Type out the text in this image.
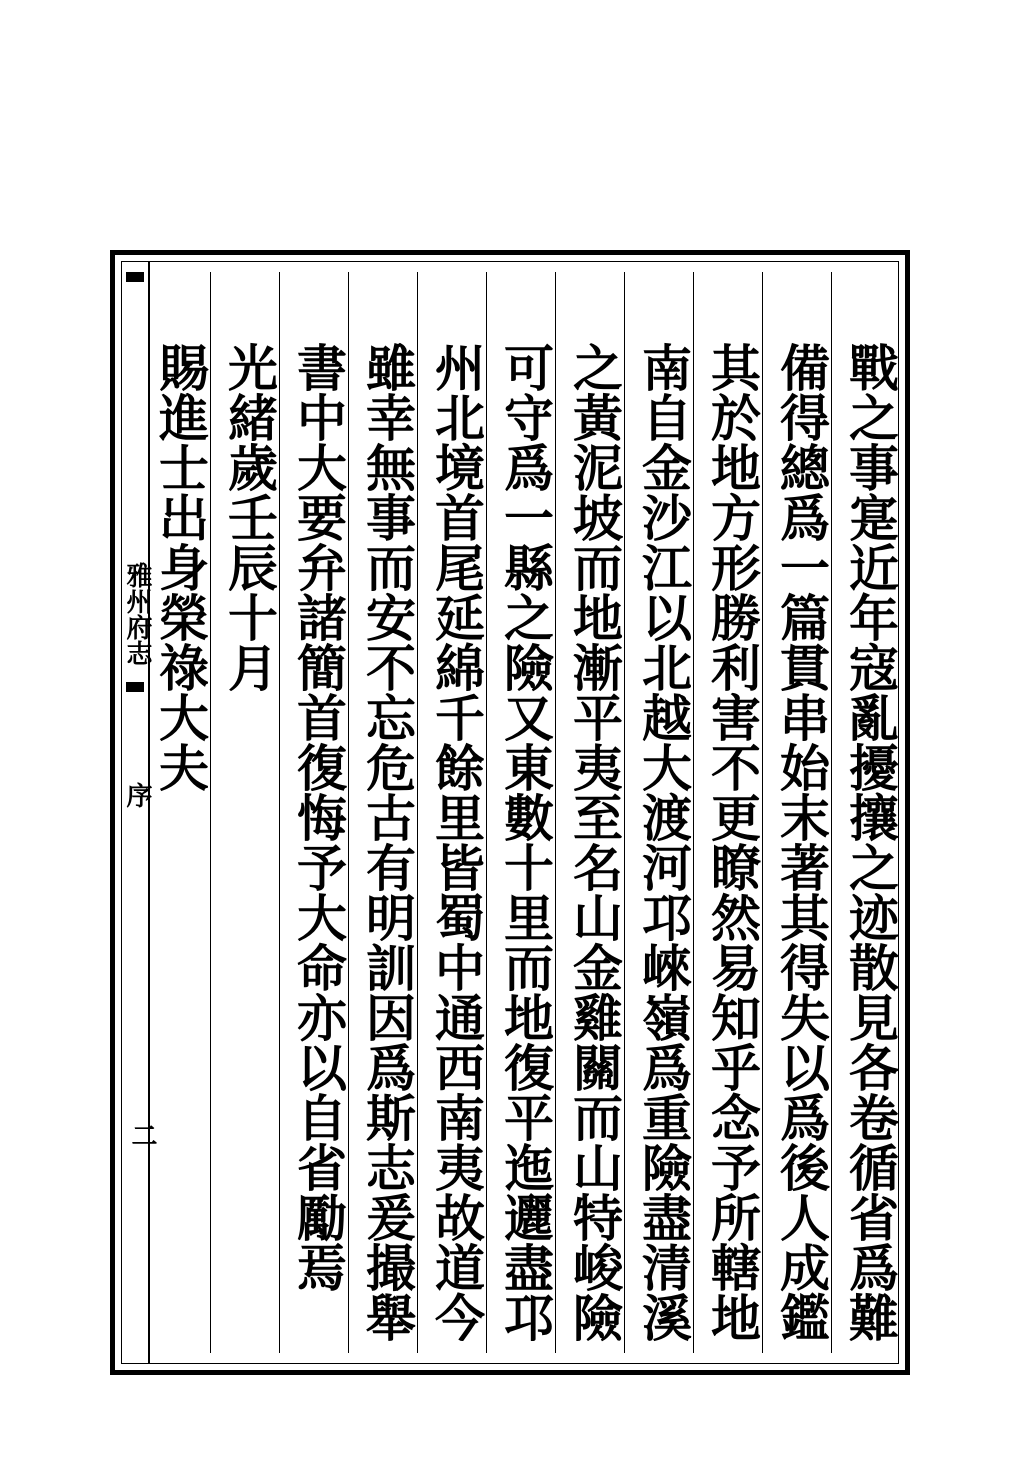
雅州府志
序
二	戰之事寔近年寇亂擾攘之迹散見各卷循省爲難
備得總爲一篇貫串始末著其得失以爲後人成鑑
其於地方形勝利害不更瞭然易知乎念予所轄地
南自金沙江以北越大渡河邛崍嶺爲重險盡清溪
之黃泥坡而地漸平夷至名山金雞關而山特峻險
可守爲一縣之險又東數十里而地復平迤邐盡邛
州北境首尾延綿千餘里皆蜀中通西南夷故道今
雖幸無事而安不忘危古有明訓因爲斯志爰撮舉
書中大要弁諸簡首復悔予大命亦以自省勵焉
光緒歲壬辰十月
賜進士出身榮祿大夫
